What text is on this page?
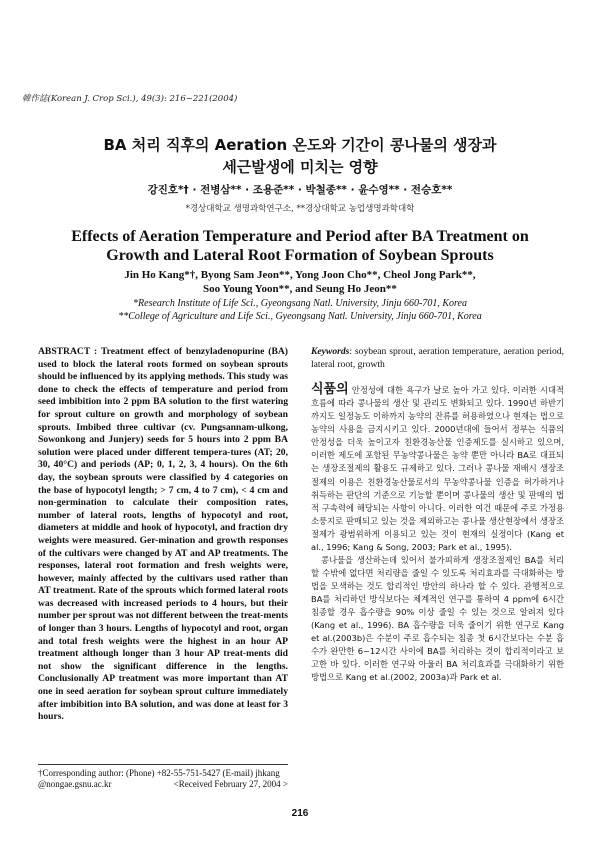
韓作誌(Korean J. Crop Sci.), 49(3): 216~221(2004)
BA 처리 직후의 Aeration 온도와 기간이 콩나물의 생장과
세근발생에 미치는 영향
강진호*† · 전병삼** · 조용준** · 박철종** · 윤수영** · 전승호**
*경상대학교 생명과학연구소, **경상대학교 농업생명과학대학
Effects of Aeration Temperature and Period after BA Treatment on
Growth and Lateral Root Formation of Soybean Sprouts
Jin Ho Kang*†, Byong Sam Jeon**, Yong Joon Cho**, Cheol Jong Park**,
Soo Young Yoon**, and Seung Ho Jeon**
*Research Institute of Life Sci., Gyeongsang Natl. University, Jinju 660-701, Korea
**College of Agriculture and Life Sci., Gyeongsang Natl. University, Jinju 660-701, Korea
ABSTRACT : Treatment effect of benzyladenopurine (BA) used to block the lateral roots formed on soybean sprouts should be influenced by its applying methods. This study was done to check the effects of temperature and period from seed imbibition into 2 ppm BA solution to the first watering for sprout culture on growth and morphology of soybean sprouts. Imbibed three cultivar (cv. Pungsannam-ulkong, Sowonkong and Junjery) seeds for 5 hours into 2 ppm BA solution were placed under different tempera-tures (AT; 20, 30, 40°C) and periods (AP; 0, 1, 2, 3, 4 hours). On the 6th day, the soybean sprouts were classified by 4 categories on the base of hypocotyl length; > 7 cm, 4 to 7 cm), < 4 cm and non-germination to calculate their composition rates, number of lateral roots, lengths of hypocotyl and root, diameters at middle and hook of hypocotyl, and fraction dry weights were measured. Ger-mination and growth responses of the cultivars were changed by AT and AP treatments. The responses, lateral root formation and fresh weights were, however, mainly affected by the cultivars used rather than AT treatment. Rate of the sprouts which formed lateral roots was decreased with increased periods to 4 hours, but their number per sprout was not different between the treat-ments of longer than 3 hours. Lengths of hypocotyl and root, organ and total fresh weights were the highest in an hour AP treatment although longer than 3 hour AP treat-ments did not show the significant difference in the lengths. Conclusionally AP treatment was more important than AT one in seed aeration for soybean sprout culture immediately after imbibition into BA solution, and was done at least for 3 hours.
†Corresponding author: (Phone) +82-55-751-5427 (E-mail) jhkang
@nongae.gsnu.ac.kr	<Received February 27, 2004 >
Keywords: soybean sprout, aeration temperature, aeration period, lateral root, growth

식품의 안정성에 대한 욕구가 날로 높아 가고 있다. 이러한 시대적 흐름에 따라 콩나물의 생산 및 관리도 변화되고 있다. 1990년 하반기까지도 일정농도 이하까지 농약의 잔류를 허용하였으나 현재는 법으로 농약의 사용을 금지시키고 있다. 2000년대에 들어서 정부는 식품의 안정성을 더욱 높이고자 친환경농산물 인증제도를 실시하고 있으며, 이러한 제도에 포함된 무농약콩나물은 농약 뿐만 아니라 BA로 대표되는 생장조절제의 활용도 규제하고 있다. 그러나 콩나물 재배시 생장조절제의 이용은 친환경농산물로서의 무농약콩나물 인증을 허가하거나 취득하는 판단의 기준으로 기능할 뿐이며 콩나물의 생산 및 판매의 법적 구속력에 해당되는 사항이 아니다. 이러한 여건 때문에 주로 가정용 소풍지로 판매되고 있는 것을 제외하고는 콩나물 생산현장에서 생장조절제가 광범위하게 이용되고 있는 것이 현재의 실정이다 (Kang et al., 1996; Kang & Song, 2003; Park et al., 1995).

콩나물을 생산하는데 있어서 불가피하게 생장조절제인 BA를 처리할 수밖에 없다면 처리량을 줄일 수 있도록 처리효과를 극대화하는 방법을 모색하는 것도 합리적인 방안의 하나라 할 수 있다. 관행적으로 BA를 처리하던 방식보다는 체계적인 연구를 통하여 4 ppm에 6시간 침종할 경우 흡수량을 90% 이상 줄일 수 있는 것으로 알려져 있다(Kang et al., 1996). BA 흡수량을 더욱 줄이기 위한 연구로 Kang et al.(2003b)은 수분이 주로 흡수되는 침종 첫 6시간보다는 수분 흡수가 완만한 6~12시간 사이에 BA를 처리하는 것이 합리적이라고 보고한 바 있다. 이러한 연구와 아울러 BA 처리효과를 극대화하기 위한 방법으로 Kang et al.(2002, 2003a)과 Park et al.

216
